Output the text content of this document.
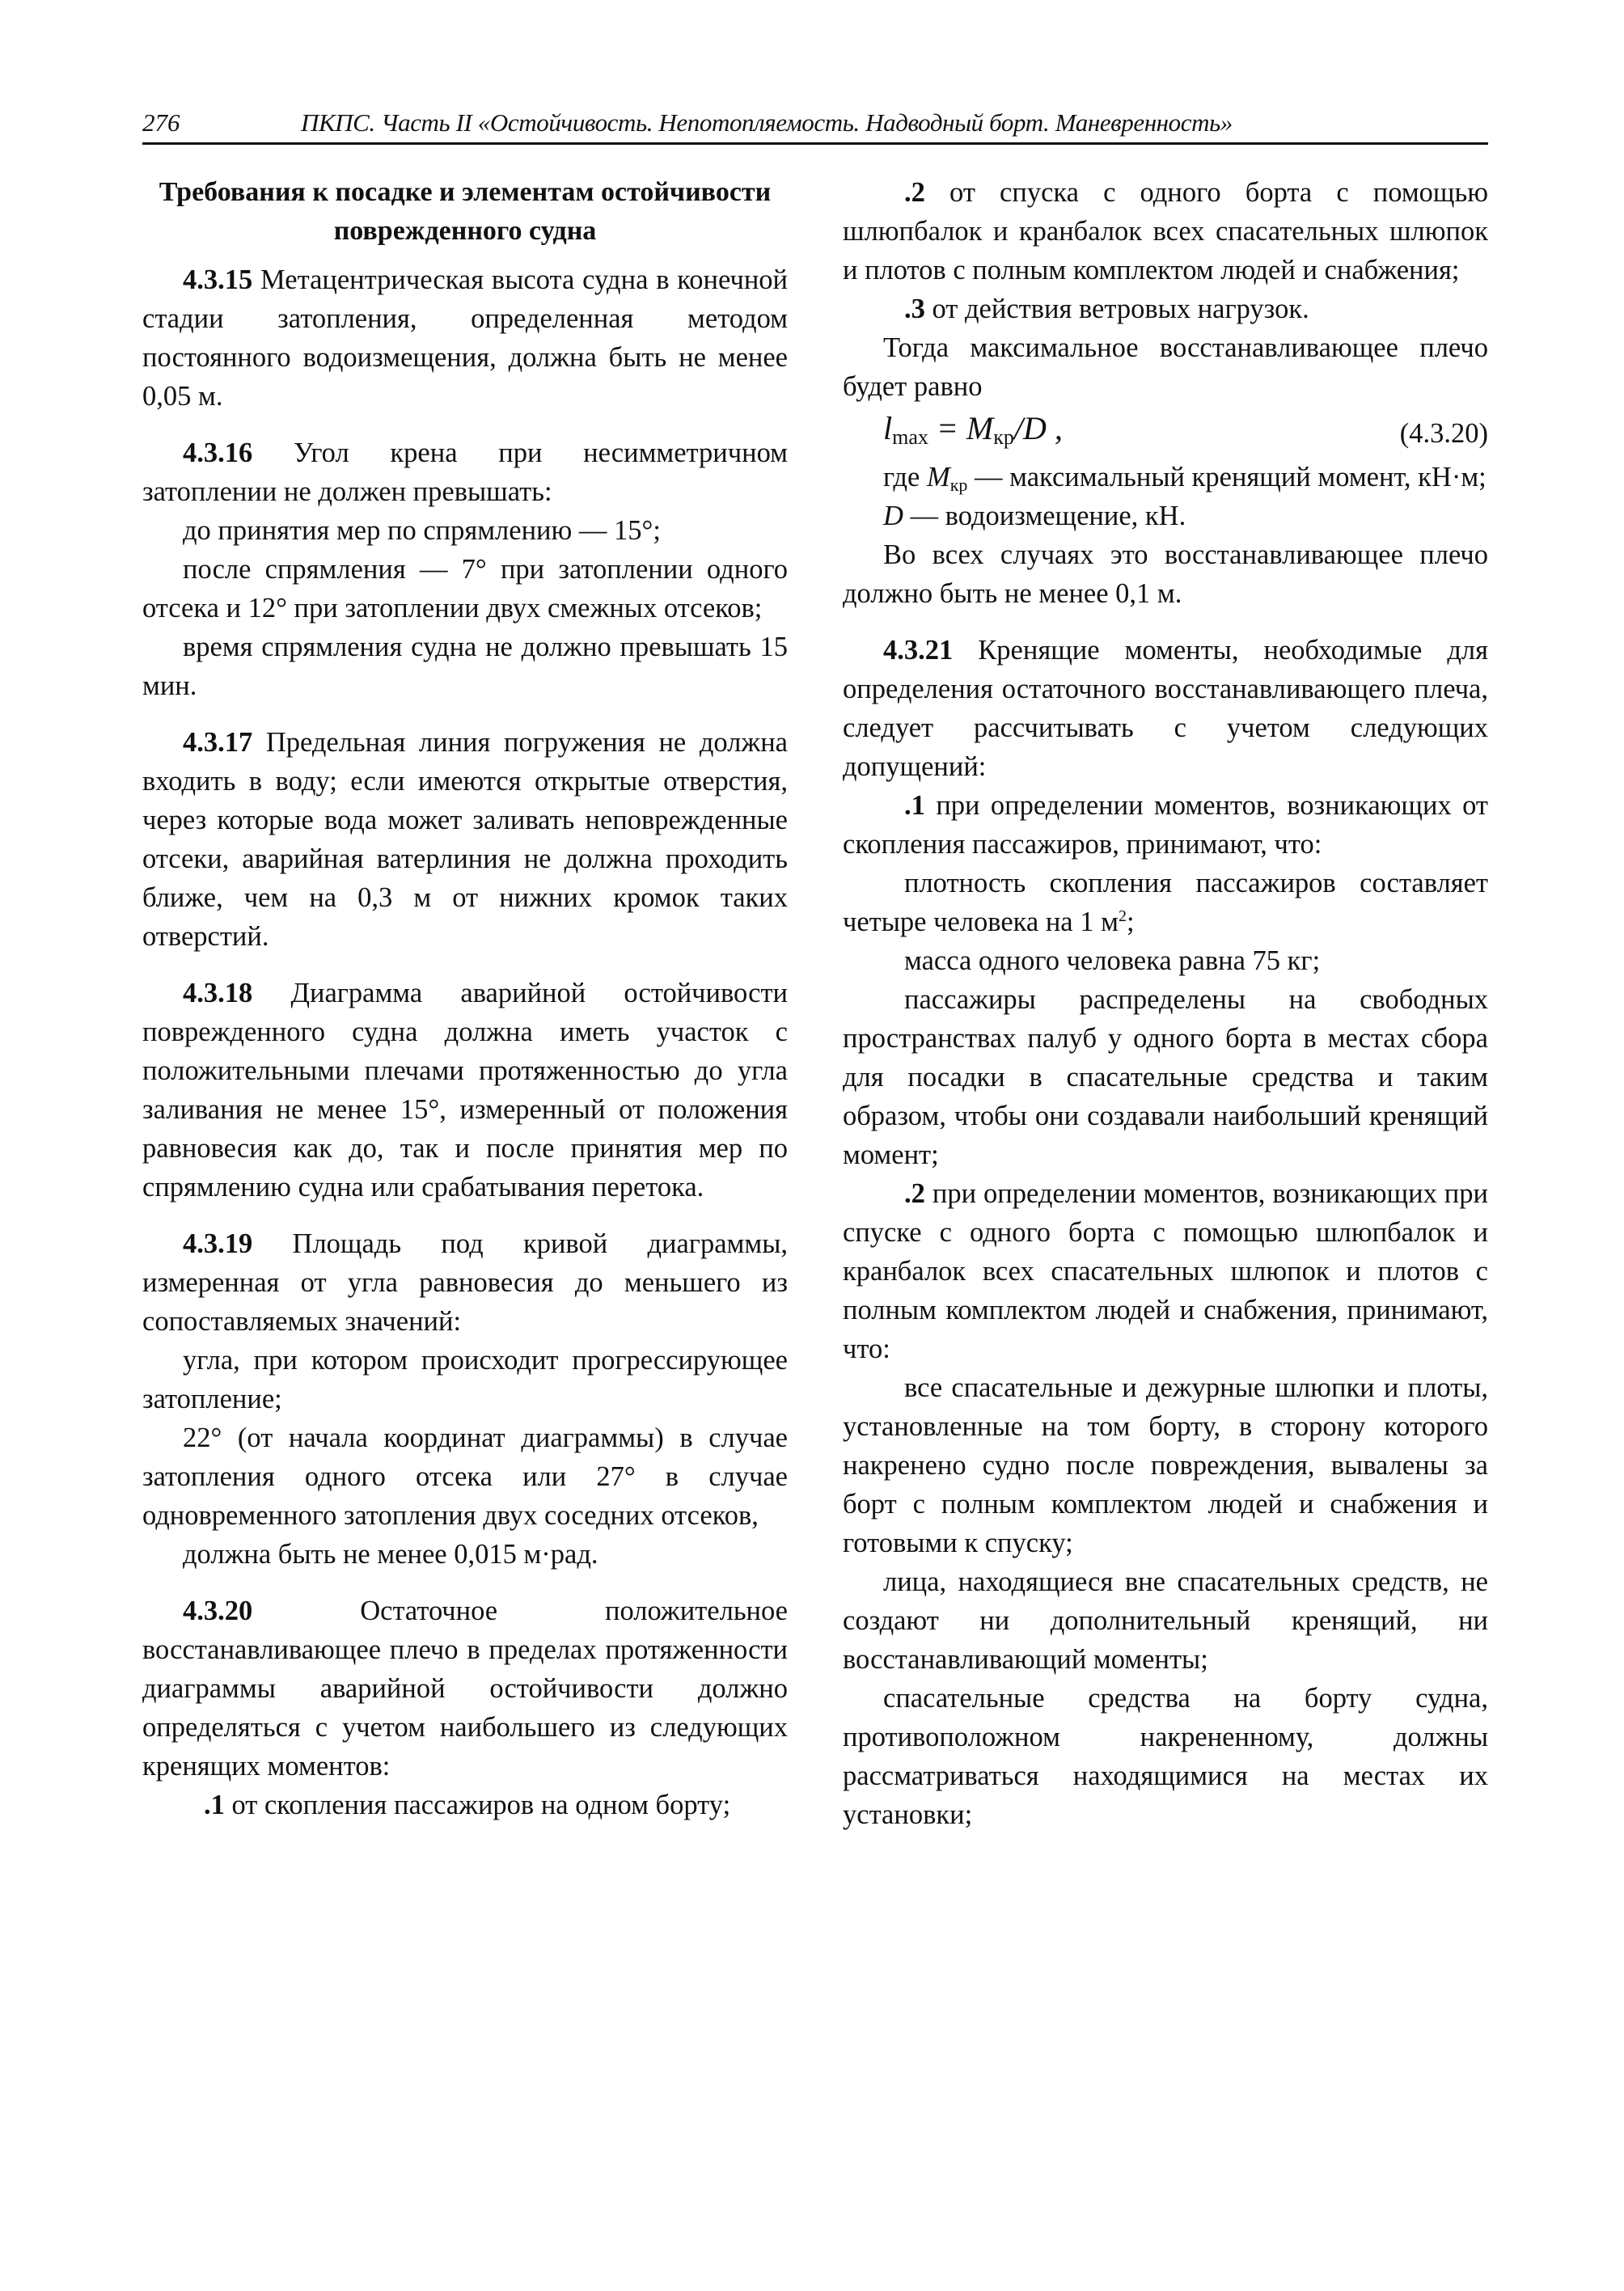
276	ПКПС. Часть II «Остойчивость. Непотопляемость. Надводный борт. Маневренность»

Требования к посадке и элементам остойчивости поврежденного судна

4.3.15 Метацентрическая высота судна в конечной стадии затопления, определенная методом постоянного водоизмещения, должна быть не менее 0,05 м.

4.3.16 Угол крена при несимметричном затоплении не должен превышать:

до принятия мер по спрямлению — 15°;

после спрямления — 7° при затоплении одного отсека и 12° при затоплении двух смежных отсеков;

время спрямления судна не должно превышать 15 мин.

4.3.17 Предельная линия погружения не должна входить в воду; если имеются открытые отверстия, через которые вода может заливать неповрежденные отсеки, аварийная ватерлиния не должна проходить ближе, чем на 0,3 м от нижних кромок таких отверстий.

4.3.18 Диаграмма аварийной остойчивости поврежденного судна должна иметь участок с положительными плечами протяженностью до угла заливания не менее 15°, измеренный от положения равновесия как до, так и после принятия мер по спрямлению судна или срабатывания перетока.

4.3.19 Площадь под кривой диаграммы, измеренная от угла равновесия до меньшего из сопоставляемых значений:

угла, при котором происходит прогрессирующее затопление;

22° (от начала координат диаграммы) в случае затопления одного отсека или 27° в случае одновременного затопления двух соседних отсеков,

должна быть не менее 0,015 м·рад.

4.3.20 Остаточное положительное восстанавливающее плечо в пределах протяженности диаграммы аварийной остойчивости должно определяться с учетом наибольшего из следующих кренящих моментов:

.1 от скопления пассажиров на одном борту;

.2 от спуска с одного борта с помощью шлюпбалок и кранбалок всех спасательных шлюпок и плотов с полным комплектом людей и снабжения;

.3 от действия ветровых нагрузок.

Тогда максимальное восстанавливающее плечо будет равно

$l_{max} = M_{кр}/D$ ,	(4.3.20)

где $M_{кр}$ — максимальный кренящий момент, кН·м;

D — водоизмещение, кН.

Во всех случаях это восстанавливающее плечо должно быть не менее 0,1 м.

4.3.21 Кренящие моменты, необходимые для определения остаточного восстанавливающего плеча, следует рассчитывать с учетом следующих допущений:

.1 при определении моментов, возникающих от скопления пассажиров, принимают, что:

плотность скопления пассажиров составляет четыре человека на 1 $м^2$;

масса одного человека равна 75 кг;

пассажиры распределены на свободных пространствах палуб у одного борта в местах сбора для посадки в спасательные средства и таким образом, чтобы они создавали наибольший кренящий момент;

.2 при определении моментов, возникающих при спуске с одного борта с помощью шлюпбалок и кранбалок всех спасательных шлюпок и плотов с полным комплектом людей и снабжения, принимают, что:

все спасательные и дежурные шлюпки и плоты, установленные на том борту, в сторону которого накренено судно после повреждения, вывалены за борт с полным комплектом людей и снабжения и готовыми к спуску;

лица, находящиеся вне спасательных средств, не создают ни дополнительный кренящий, ни восстанавливающий моменты;

спасательные средства на борту судна, противоположном накрененному, должны рассматриваться находящимися на местах их установки;
